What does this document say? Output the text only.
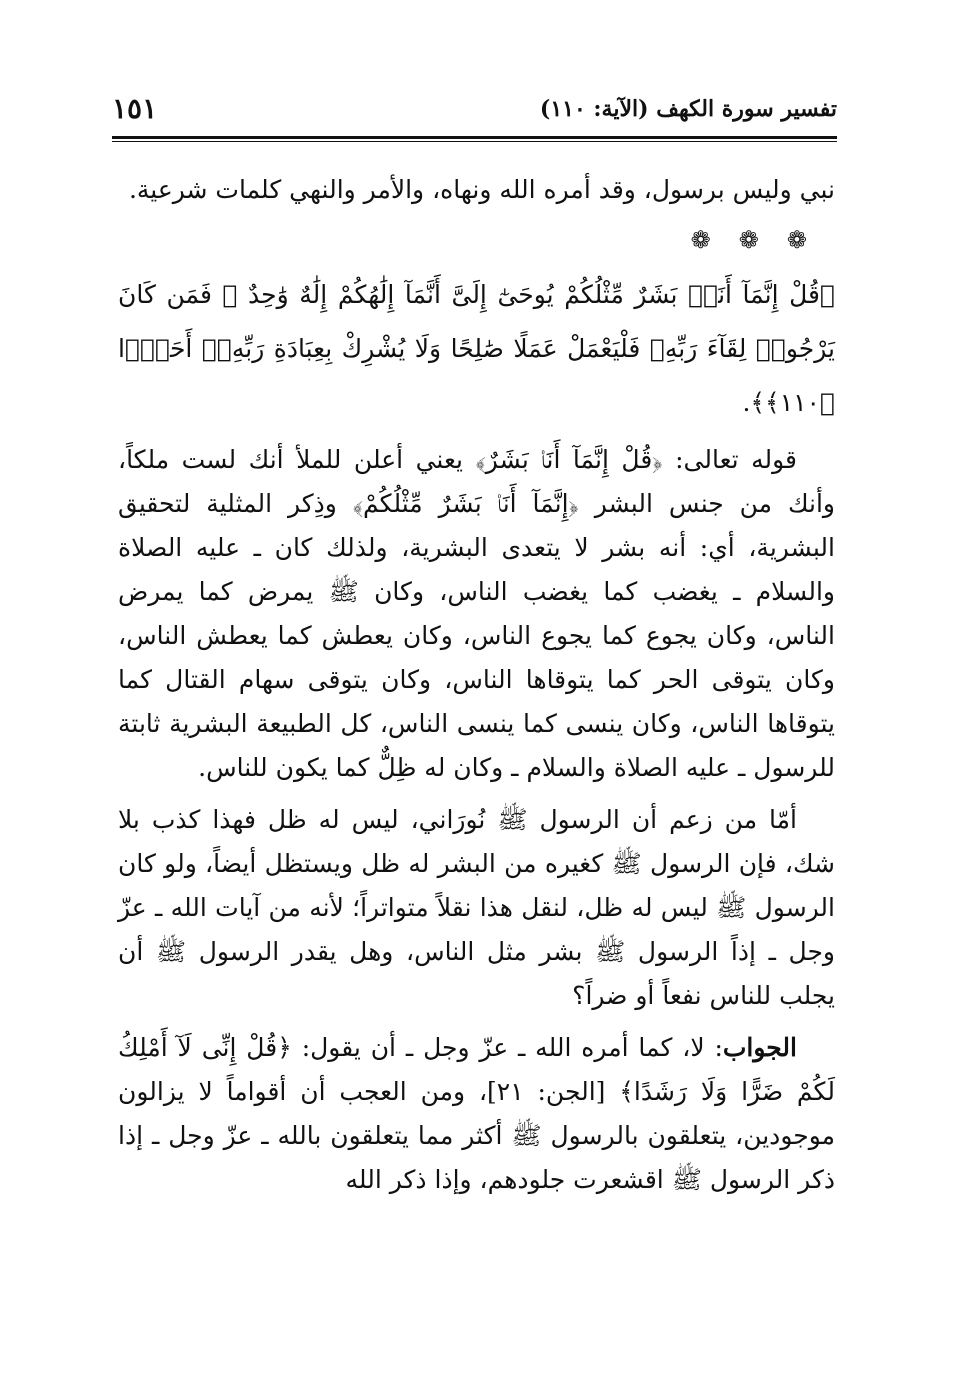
تفسير سورة الكهف (الآية: ١١٠)
١٥١

نبي وليس برسول، وقد أمره الله ونهاه، والأمر والنهي كلمات شرعية.

❁❁❁

﴿قُلْ إِنَّمَآ أَنَا۠ بَشَرٌ مِّثْلُكُمْ يُوحَىٰٓ إِلَىَّ أَنَّمَآ إِلَٰهُكُمْ إِلَٰهٌ وَٰحِدٌ ۖ فَمَن كَانَ يَرْجُوا۟ لِقَآءَ رَبِّهِۦ فَلْيَعْمَلْ عَمَلًا صَٰلِحًا وَلَا يُشْرِكْ بِعِبَادَةِ رَبِّهِۦٓ أَحَدًۢا ﴿١١٠﴾﴾.

قوله تعالى: ﴿قُلْ إِنَّمَآ أَنَا۠ بَشَرٌ﴾ يعني أعلن للملأ أنك لست ملكاً، وأنك من جنس البشر ﴿إِنَّمَآ أَنَا۠ بَشَرٌ مِّثْلُكُمْ﴾ وذِكر المثلية لتحقيق البشرية، أي: أنه بشر لا يتعدى البشرية، ولذلك كان ـ عليه الصلاة والسلام ـ يغضب كما يغضب الناس، وكان ﷺ يمرض كما يمرض الناس، وكان يجوع كما يجوع الناس، وكان يعطش كما يعطش الناس، وكان يتوقى الحر كما يتوقاها الناس، وكان يتوقى سهام القتال كما يتوقاها الناس، وكان ينسى كما ينسى الناس، كل الطبيعة البشرية ثابتة للرسول ـ عليه الصلاة والسلام ـ وكان له ظِلٌّ كما يكون للناس.

أمّا من زعم أن الرسول ﷺ نُورَاني، ليس له ظل فهذا كذب بلا شك، فإن الرسول ﷺ كغيره من البشر له ظل ويستظل أيضاً، ولو كان الرسول ﷺ ليس له ظل، لنقل هذا نقلاً متواتراً؛ لأنه من آيات الله ـ عزّ وجل ـ إذاً الرسول ﷺ بشر مثل الناس، وهل يقدر الرسول ﷺ أن يجلب للناس نفعاً أو ضراً؟

الجواب: لا، كما أمره الله ـ عزّ وجل ـ أن يقول: ﴿قُلْ إِنِّى لَآ أَمْلِكُ لَكُمْ ضَرًّا وَلَا رَشَدًا﴾ [الجن: ٢١]، ومن العجب أن أقواماً لا يزالون موجودين، يتعلقون بالرسول ﷺ أكثر مما يتعلقون بالله ـ عزّ وجل ـ إذا ذكر الرسول ﷺ اقشعرت جلودهم، وإذا ذكر الله
